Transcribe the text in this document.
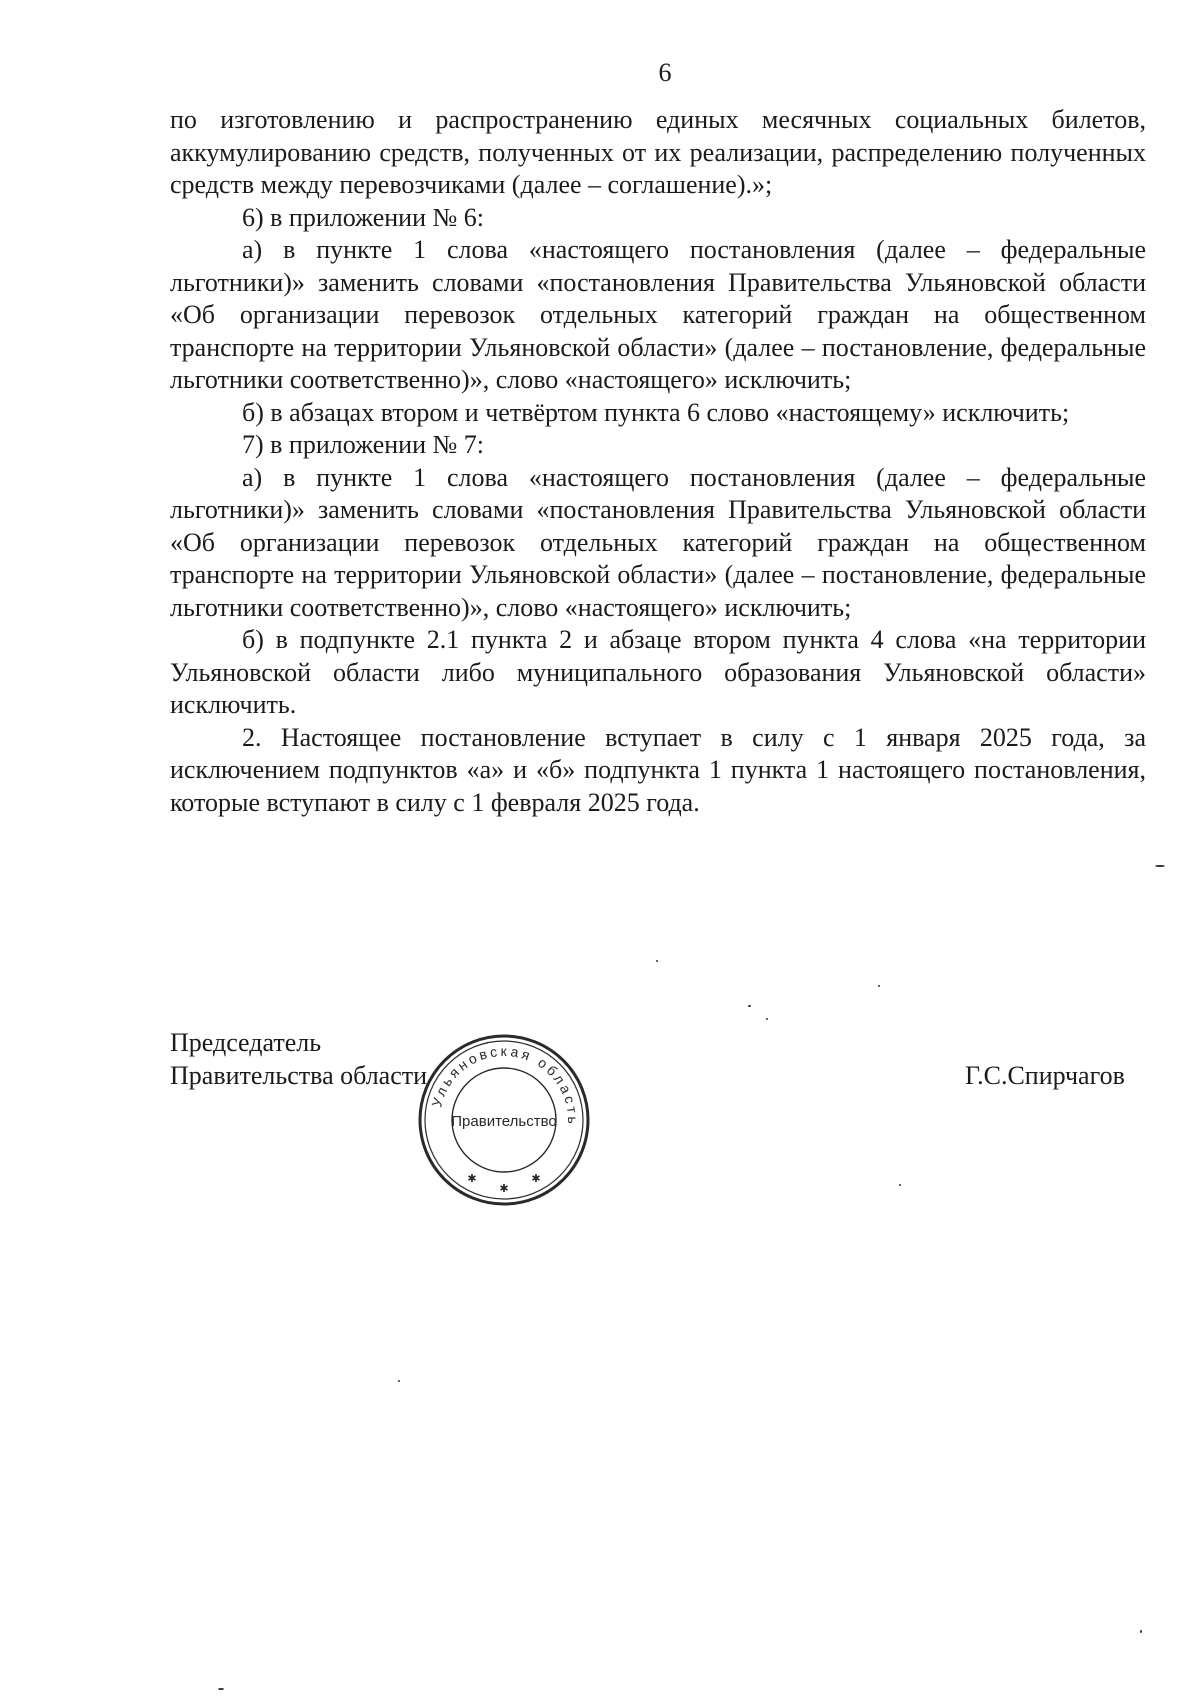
6

по изготовлению и распространению единых месячных социальных билетов, аккумулированию средств, полученных от их реализации, распределению полученных средств между перевозчиками (далее – соглашение).»;

6) в приложении № 6:

а) в пункте 1 слова «настоящего постановления (далее – федеральные льготники)» заменить словами «постановления Правительства Ульяновской области «Об организации перевозок отдельных категорий граждан на общественном транспорте на территории Ульяновской области» (далее – постановление, федеральные льготники соответственно)», слово «настоящего» исключить;

б) в абзацах втором и четвёртом пункта 6 слово «настоящему» исключить;

7) в приложении № 7:

а) в пункте 1 слова «настоящего постановления (далее – федеральные льготники)» заменить словами «постановления Правительства Ульяновской области «Об организации перевозок отдельных категорий граждан на общественном транспорте на территории Ульяновской области» (далее – постановление, федеральные льготники соответственно)», слово «настоящего» исключить;

б) в подпункте 2.1 пункта 2 и абзаце втором пункта 4 слова «на территории Ульяновской области либо муниципального образования Ульяновской области» исключить.

2. Настоящее постановление вступает в силу с 1 января 2025 года, за исключением подпунктов «а» и «б» подпункта 1 пункта 1 настоящего постановления, которые вступают в силу с 1 февраля 2025 года.

Председатель
Правительства области	Г.С.Спирчагов
Ульяновская область
Правительство
✱
✱
✱
